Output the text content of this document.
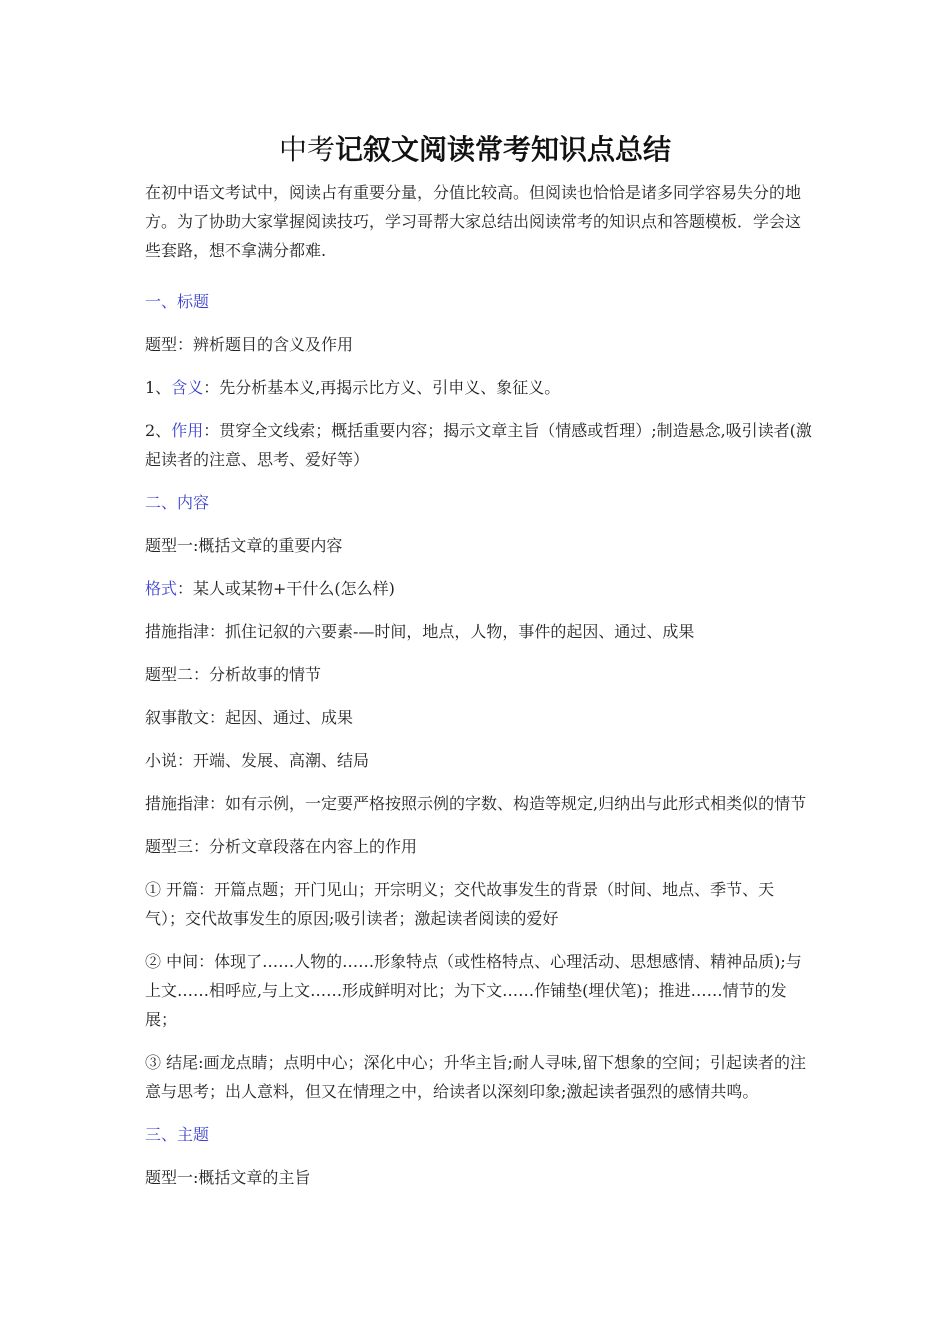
中考记叙文阅读常考知识点总结

在初中语文考试中，阅读占有重要分量，分值比较高。但阅读也恰恰是诸多同学容易失分的地方。为了协助大家掌握阅读技巧，学习哥帮大家总结出阅读常考的知识点和答题模板．学会这些套路，想不拿满分都难.

一、标题

题型：辨析题目的含义及作用

1、含义：先分析基本义,再揭示比方义、引申义、象征义。

2、作用：贯穿全文线索；概括重要内容；揭示文章主旨（情感或哲理）;制造悬念,吸引读者(激起读者的注意、思考、爱好等）

二、内容

题型一:概括文章的重要内容

格式：某人或某物+干什么(怎么样)

措施指津：抓住记叙的六要素-—时间，地点，人物，事件的起因、通过、成果

题型二：分析故事的情节

叙事散文：起因、通过、成果

小说：开端、发展、高潮、结局

措施指津：如有示例，一定要严格按照示例的字数、构造等规定,归纳出与此形式相类似的情节

题型三：分析文章段落在内容上的作用

① 开篇：开篇点题；开门见山；开宗明义；交代故事发生的背景（时间、地点、季节、天气）；交代故事发生的原因;吸引读者；激起读者阅读的爱好

② 中间：体现了……人物的……形象特点（或性格特点、心理活动、思想感情、精神品质);与上文……相呼应,与上文……形成鲜明对比；为下文……作铺垫(埋伏笔)；推进……情节的发展；

③ 结尾:画龙点睛；点明中心；深化中心；升华主旨;耐人寻味,留下想象的空间；引起读者的注意与思考；出人意料，但又在情理之中，给读者以深刻印象;激起读者强烈的感情共鸣。

三、主题

题型一:概括文章的主旨
